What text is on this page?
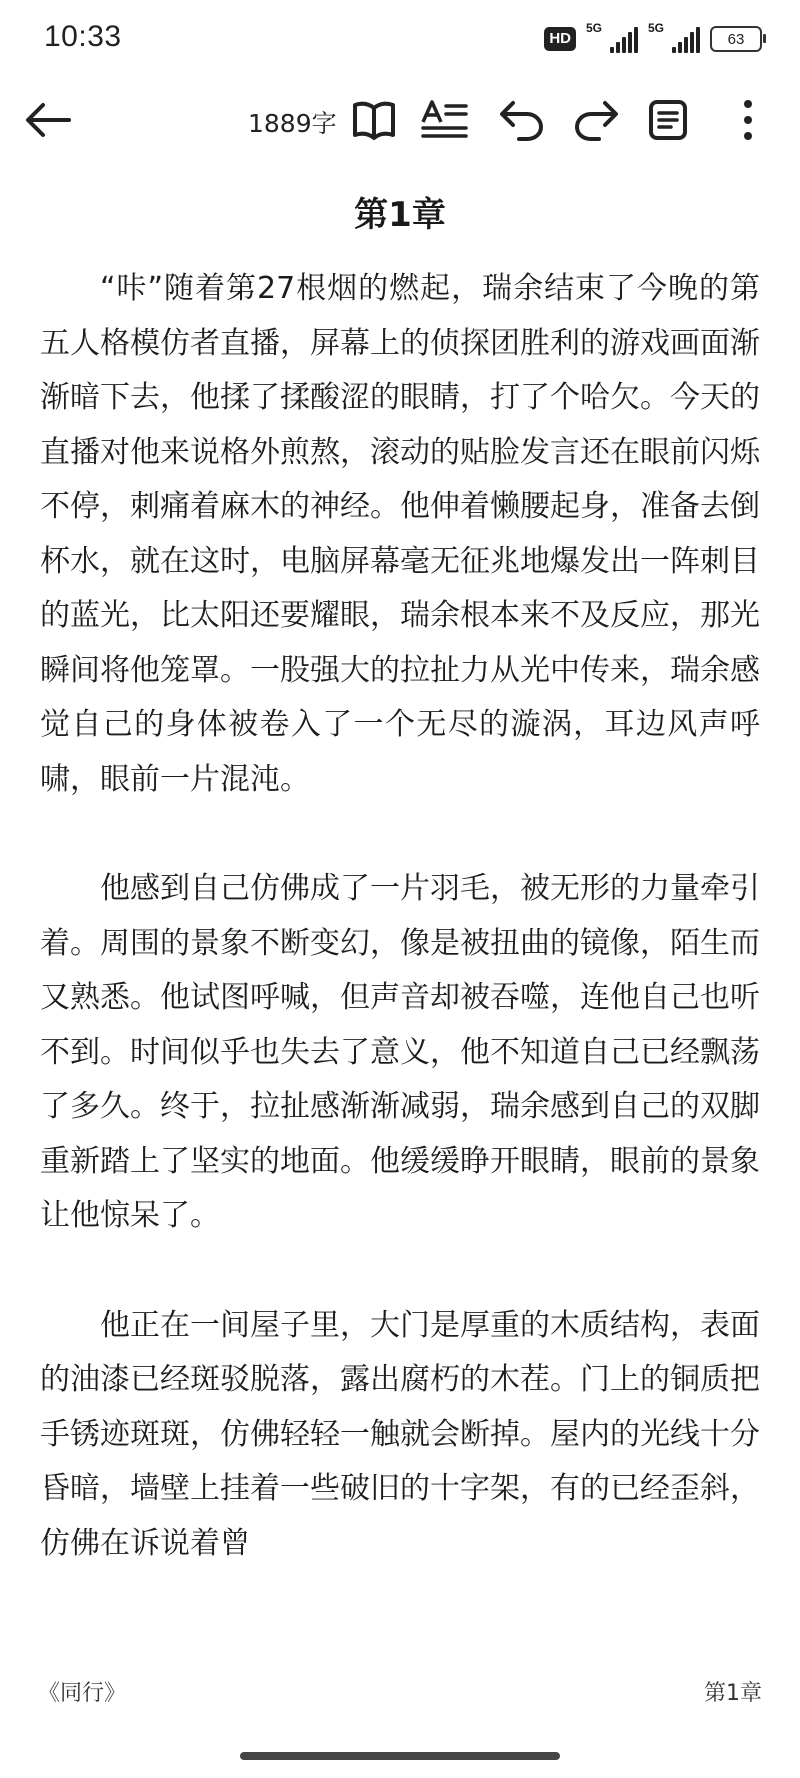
10:33	HD
5G	5G
63
1889字
第1章

“咔”随着第27根烟的燃起，瑞余结束了今晚的第五人格模仿者直播，屏幕上的侦探团胜利的游戏画面渐渐暗下去，他揉了揉酸涩的眼睛，打了个哈欠。今天的直播对他来说格外煎熬，滚动的贴脸发言还在眼前闪烁不停，刺痛着麻木的神经。他伸着懒腰起身，准备去倒杯水，就在这时，电脑屏幕毫无征兆地爆发出一阵刺目的蓝光，比太阳还要耀眼，瑞余根本来不及反应，那光瞬间将他笼罩。一股强大的拉扯力从光中传来，瑞余感觉自己的身体被卷入了一个无尽的漩涡，耳边风声呼啸，眼前一片混沌。

他感到自己仿佛成了一片羽毛，被无形的力量牵引着。周围的景象不断变幻，像是被扭曲的镜像，陌生而又熟悉。他试图呼喊，但声音却被吞噬，连他自己也听不到。时间似乎也失去了意义，他不知道自己已经飘荡了多久。终于，拉扯感渐渐减弱，瑞余感到自己的双脚重新踏上了坚实的地面。他缓缓睁开眼睛，眼前的景象让他惊呆了。

他正在一间屋子里，大门是厚重的木质结构，表面的油漆已经斑驳脱落，露出腐朽的木茬。门上的铜质把手锈迹斑斑，仿佛轻轻一触就会断掉。屋内的光线十分昏暗，墙壁上挂着一些破旧的十字架，有的已经歪斜，仿佛在诉说着曾

《同行》	第1章
